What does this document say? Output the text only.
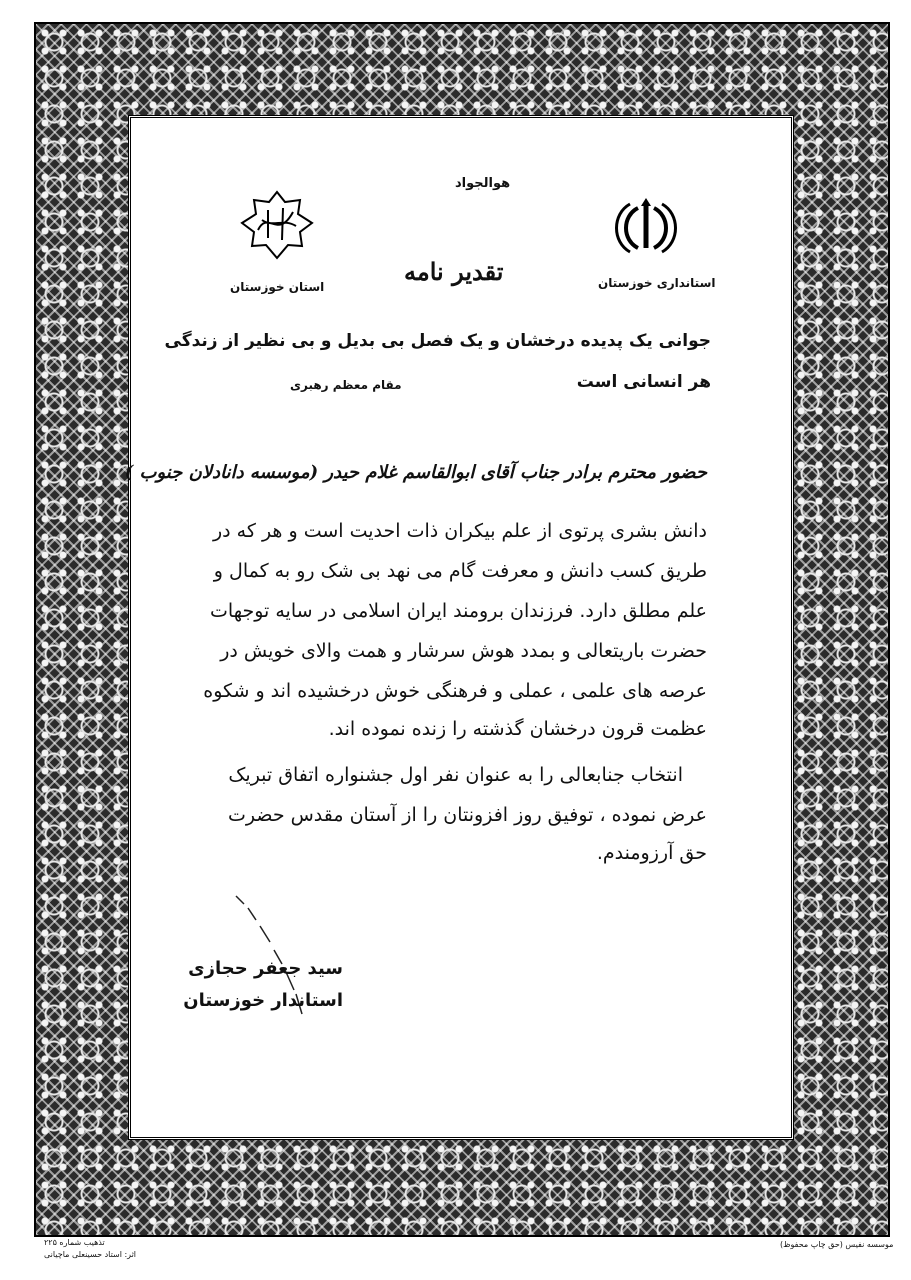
هوالجواد
استانداری خوزستان
استان خوزستان
تقدیر نامه
جوانی یک پدیده درخشان و یک فصل بی بدیل و بی نظیر از زندگی
هر انسانی است
مقام معظم رهبری
حضور محترم برادر جناب آقای ابوالقاسم غلام حیدر (موسسه دانادلان جنوب )
دانش بشری پرتوی از علم بیکران ذات احدیت است و هر که در
طریق کسب دانش و معرفت گام می نهد بی شک رو به کمال و
علم مطلق دارد. فرزندان برومند ایران اسلامی در سایه توجهات
حضرت باریتعالی و بمدد هوش سرشار و همت والای خویش در
عرصه های علمی ، عملی و فرهنگی خوش درخشیده اند و شکوه
عظمت قرون درخشان گذشته را زنده نموده اند.
انتخاب جنابعالی را به عنوان نفر اول جشنواره اتفاق تبریک
عرض نموده ، توفیق روز افزونتان را از آستان مقدس حضرت
حق آرزومندم.
سید جعفر حجازی
استاندار خوزستان
تذهیب شماره ۲۲۵
اثر: استاد حسینعلی ماچیانی
موسسه نفیس (حق چاپ محفوظ)
